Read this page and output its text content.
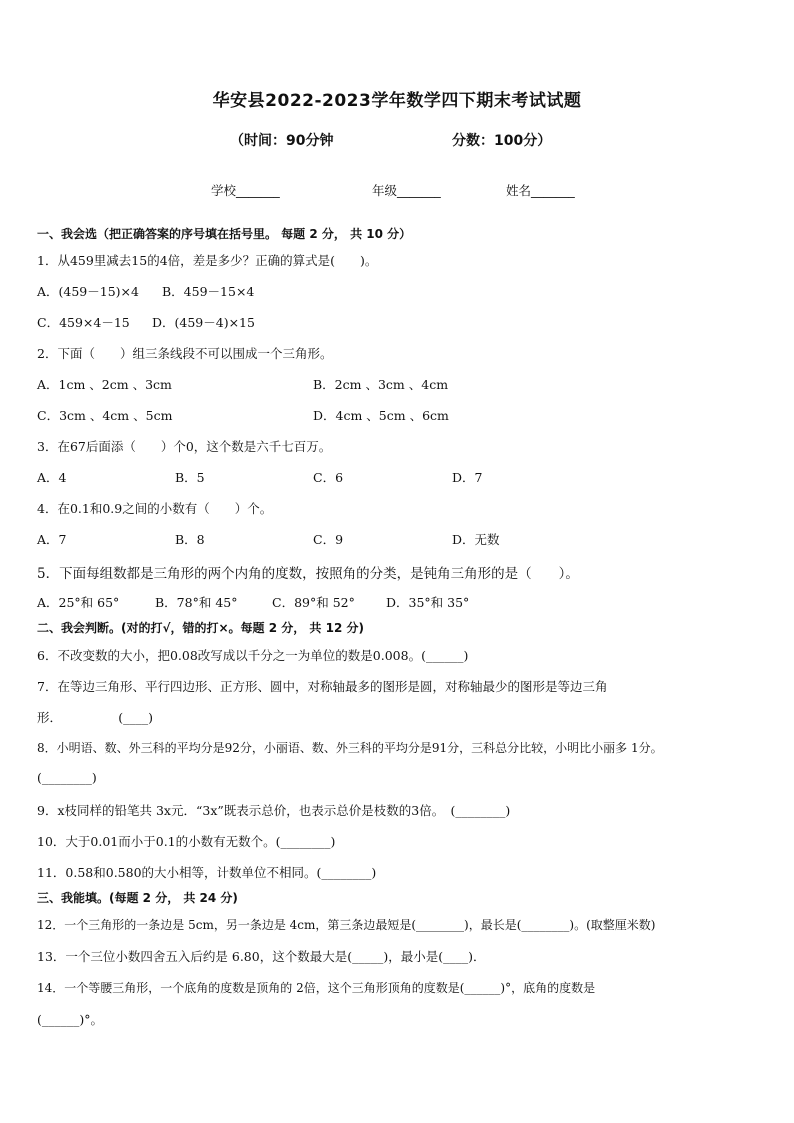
华安县2022-2023学年数学四下期末考试试题
（时间：90分钟	分数：100分）
学校_______	年级_______	姓名_______
一、我会选（把正确答案的序号填在括号里。 每题 2 分， 共 10 分）
1．从459里减去15的4倍，差是多少？正确的算式是(　　)。
A．(459－15)×4 B．459－15×4
C．459×4－15 D．(459－4)×15
2．下面（　　）组三条线段不可以围成一个三角形。
A．1cm 、2cm 、3cm	B．2cm 、3cm 、4cm
C．3cm 、4cm 、5cm	D．4cm 、5cm 、6cm
3．在67后面添（　　）个0，这个数是六千七百万。
A．4	B．5	C．6	D．7
4．在0.1和0.9之间的小数有（　　）个。
A．7	B．8	C．9	D．无数
5．下面每组数都是三角形的两个内角的度数，按照角的分类，是钝角三角形的是（　　）。
A．25°和 65°	B．78°和 45°	C．89°和 52° D．35°和 35°
二、我会判断。(对的打√，错的打×。每题 2 分， 共 12 分)
6．不改变数的大小，把0.08改写成以千分之一为单位的数是0.008。(______)
7．在等边三角形、平行四边形、正方形、圆中，对称轴最多的图形是圆，对称轴最少的图形是等边三角
形．　　　　　(____)
8．小明语、数、外三科的平均分是92分，小丽语、数、外三科的平均分是91分，三科总分比较，小明比小丽多 1分。
(________)
9．x枝同样的铅笔共 3x元．“3x”既表示总价，也表示总价是枝数的3倍。　(________)
10．大于0.01而小于0.1的小数有无数个。(________)
11．0.58和0.580的大小相等，计数单位不相同。(________)
三、我能填。(每题 2 分， 共 24 分)
12．一个三角形的一条边是 5cm，另一条边是 4cm，第三条边最短是(________)，最长是(________)。(取整厘米数)
13．一个三位小数四舍五入后约是 6.80，这个数最大是(_____)，最小是(____)．
14．一个等腰三角形，一个底角的度数是顶角的 2倍，这个三角形顶角的度数是(______)°，底角的度数是
(______)°。
